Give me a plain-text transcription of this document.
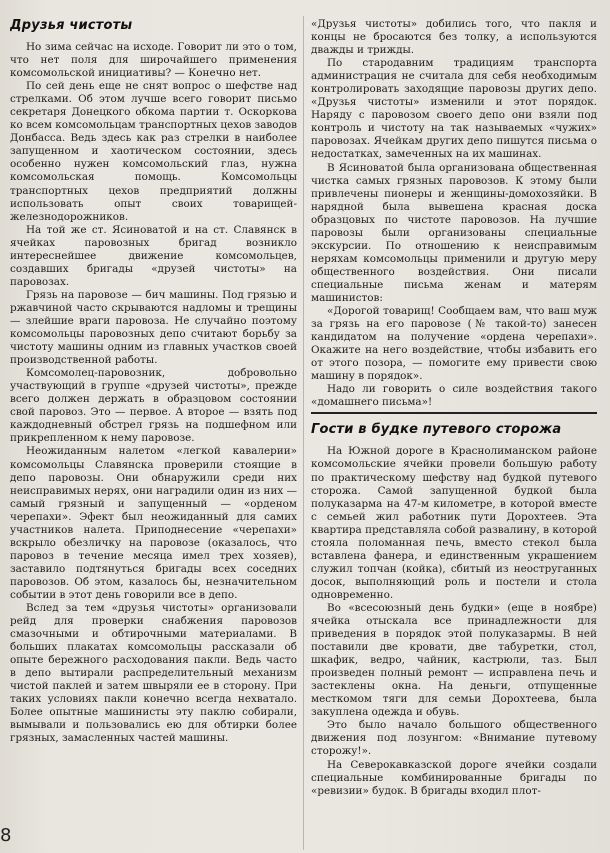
Друзья чистоты

Но зима сейчас на исходе. Говорит ли это о том, что нет поля для широчайшего применения комсомольской инициативы? — Конечно нет.

По сей день еще не снят вопрос о шефстве над стрелками. Об этом лучше всего говорит письмо секретаря Донецкого обкома партии т. Оскоркова ко всем комсомольцам транспортных цехов заводов Донбасса. Ведь здесь как раз стрелки в наиболее запущенном и хаотическом состоянии, здесь особенно нужен комсомольский глаз, нужна комсомольская помощь. Комсомольцы транспортных цехов предприятий должны использовать опыт своих товарищей-железнодорожников.

На той же ст. Ясиноватой и на ст. Славянск в ячейках паровозных бригад возникло интереснейшее движение комсомольцев, создавших бригады «друзей чистоты» на паровозах.

Грязь на паровозе — бич машины. Под грязью и ржавчиной часто скрываются надломы и трещины — злейшие враги паровоза. Не случайно поэтому комсомольцы паровозных депо считают борьбу за чистоту машины одним из главных участков своей производственной работы.

Комсомолец-паровозник, добровольно участвующий в группе «друзей чистоты», прежде всего должен держать в образцовом состоянии свой паровоз. Это — первое. А второе — взять под каждодневный обстрел грязь на подшефном или прикрепленном к нему паровозе.

Неожиданным налетом «легкой кавалерии» комсомольцы Славянска проверили стоящие в депо паровозы. Они обнаружили среди них неисправимых нерях, они наградили один из них — самый грязный и запущенный — «орденом черепахи». Эфект был неожиданный для самих участников налета. Приподнесение «черепахи» вскрыло обезличку на паровозе (оказалось, что паровоз в течение месяца имел трех хозяев), заставило подтянуться бригады всех соседних паровозов. Об этом, казалось бы, незначительном событии в этот день говорили все в депо.

Вслед за тем «друзья чистоты» организовали рейд для проверки снабжения паровозов смазочными и обтирочными материалами. В больших плакатах комсомольцы рассказали об опыте бережного расходования пакли. Ведь часто в депо вытирали распределительный механизм чистой паклей и затем швыряли ее в сторону. При таких условиях пакли конечно всегда нехватало. Более опытные машинисты эту паклю собирали, вымывали и пользовались ею для обтирки более грязных, замасленных частей машины.

«Друзья чистоты» добились того, что пакля и концы не бросаются без толку, а используются дважды и трижды.

По стародавним традициям транспорта администрация не считала для себя необходимым контролировать заходящие паровозы других депо. «Друзья чистоты» изменили и этот порядок. Наряду с паровозом своего депо они взяли под контроль и чистоту на так называемых «чужих» паровозах. Ячейкам других депо пишутся письма о недостатках, замеченных на их машинах.

В Ясиноватой была организована общественная чистка самых грязных паровозов. К этому были привлечены пионеры и женщины-домохозяйки. В нарядной была вывешена красная доска образцовых по чистоте паровозов. На лучшие паровозы были организованы специальные экскурсии. По отношению к неисправимым неряхам комсомольцы применили и другую меру общественного воздействия. Они писали специальные письма женам и матерям машинистов:

«Дорогой товарищ! Сообщаем вам, что ваш муж за грязь на его паровозе (№ такой-то) занесен кандидатом на получение «ордена черепахи». Окажите на него воздействие, чтобы избавить его от этого позора, — помогите ему привести свою машину в порядок».

Надо ли говорить о силе воздействия такого «домашнего письма»!

Гости в будке путевого сторожа

На Южной дороге в Краснолиманском районе комсомольские ячейки провели большую работу по практическому шефству над будкой путевого сторожа. Самой запущенной будкой была полуказарма на 47-м километре, в которой вместе с семьей жил работник пути Дорохтеев. Эта квартира представляла собой развалину, в которой стояла поломанная печь, вместо стекол была вставлена фанера, и единственным украшением служил топчан (койка), сбитый из неоструганных досок, выполняющий роль и постели и стола одновременно.

Во «всесоюзный день будки» (еще в ноябре) ячейка отыскала все принадлежности для приведения в порядок этой полуказармы. В ней поставили две кровати, две табуретки, стол, шкафик, ведро, чайник, кастрюли, таз. Был произведен полный ремонт — исправлена печь и застеклены окна. На деньги, отпущенные месткомом тяги для семьи Дорохтеева, была закуплена одежда и обувь.

Это было начало большого общественного движения под лозунгом: «Внимание путевому сторожу!».

На Северокавказской дороге ячейки создали специальные комбинированные бригады по «ревизии» будок. В бригады входил плот-

8
